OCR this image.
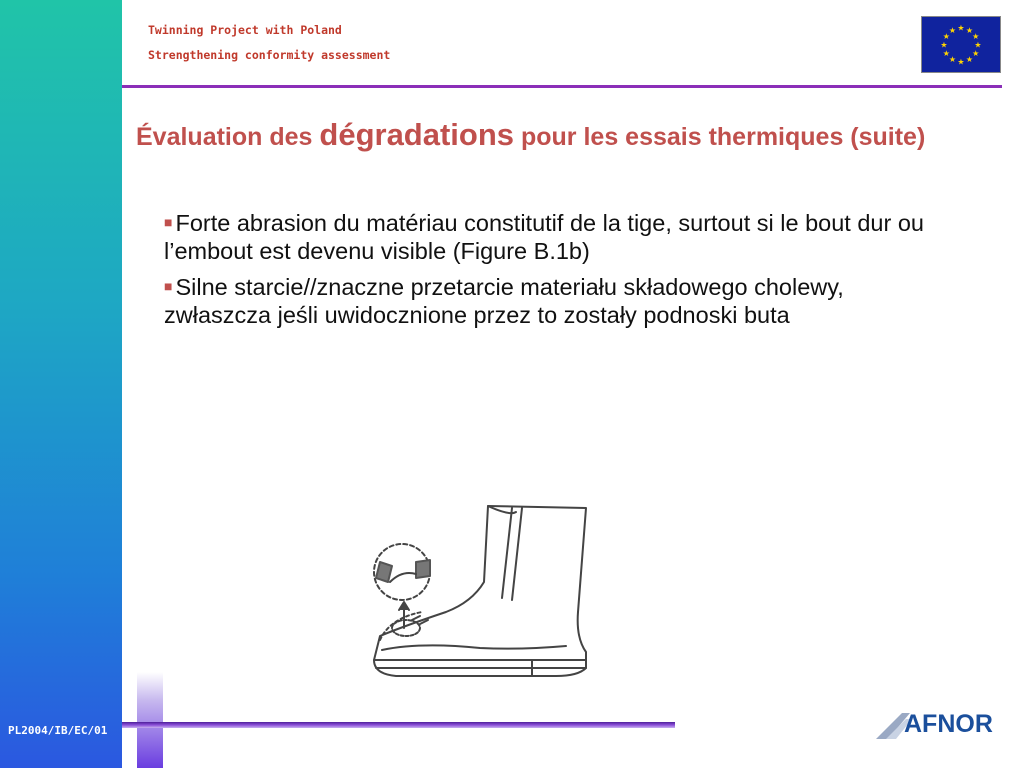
PL2004/IB/EC/01
Twinning Project with Poland
Strengthening conformity assessment
★ ★
★
★
★
★
★
★
★
★
★
★
Évaluation des dégradations pour les essais thermiques (suite)
■ Forte abrasion du matériau constitutif de la tige, surtout si le bout dur ou l’embout est devenu visible (Figure B.1b)
■ Silne starcie//znaczne przetarcie materiału składowego cholewy, zwłaszcza jeśli uwidocznione przez to zostały podnoski buta
AFNOR
